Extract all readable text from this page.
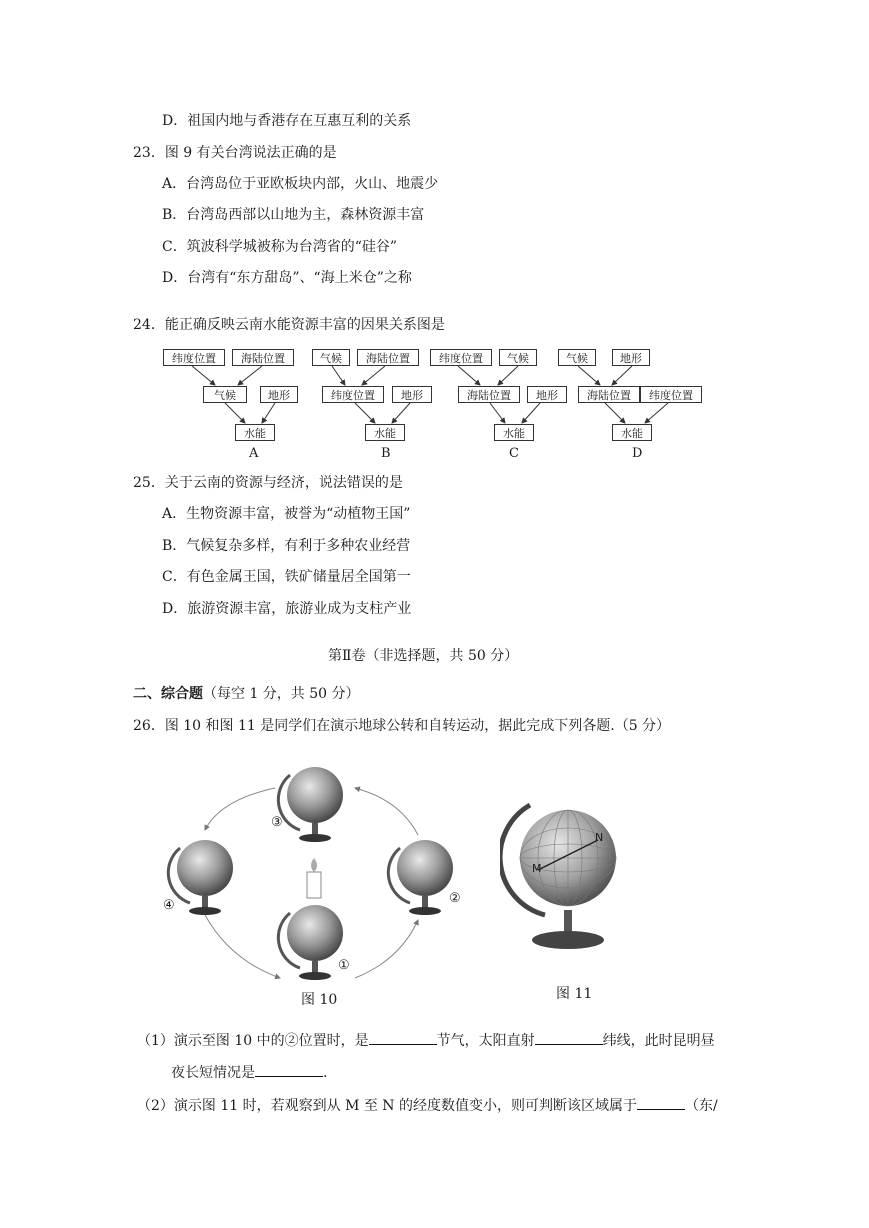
D．祖国内地与香港存在互惠互利的关系
23．图 9 有关台湾说法正确的是
A．台湾岛位于亚欧板块内部，火山、地震少
B．台湾岛西部以山地为主，森林资源丰富
C．筑波科学城被称为台湾省的“硅谷”
D．台湾有“东方甜岛”、“海上米仓”之称
24．能正确反映云南水能资源丰富的因果关系图是
纬度位置	海陆位置
气候	地形
水能
A
气候	海陆位置
纬度位置	地形
水能
B
纬度位置	气候
海陆位置	地形
水能
C
气候	地形
海陆位置	纬度位置
水能
D
25．关于云南的资源与经济，说法错误的是
A．生物资源丰富，被誉为“动植物王国”
B．气候复杂多样，有利于多种农业经营
C．有色金属王国，铁矿储量居全国第一
D．旅游资源丰富，旅游业成为支柱产业
第Ⅱ卷（非选择题，共 50 分）
二、综合题（每空 1 分，共 50 分）
26．图 10 和图 11 是同学们在演示地球公转和自转运动，据此完成下列各题.（5 分）
③
④	②
①
图 10
M
N
图 11
（1）演示至图 10 中的②位置时，是	节气，太阳直射	纬线，此时昆明昼
夜长短情况是	.
（2）演示图 11 时，若观察到从 M 至 N 的经度数值变小，则可判断该区域属于	（东/
